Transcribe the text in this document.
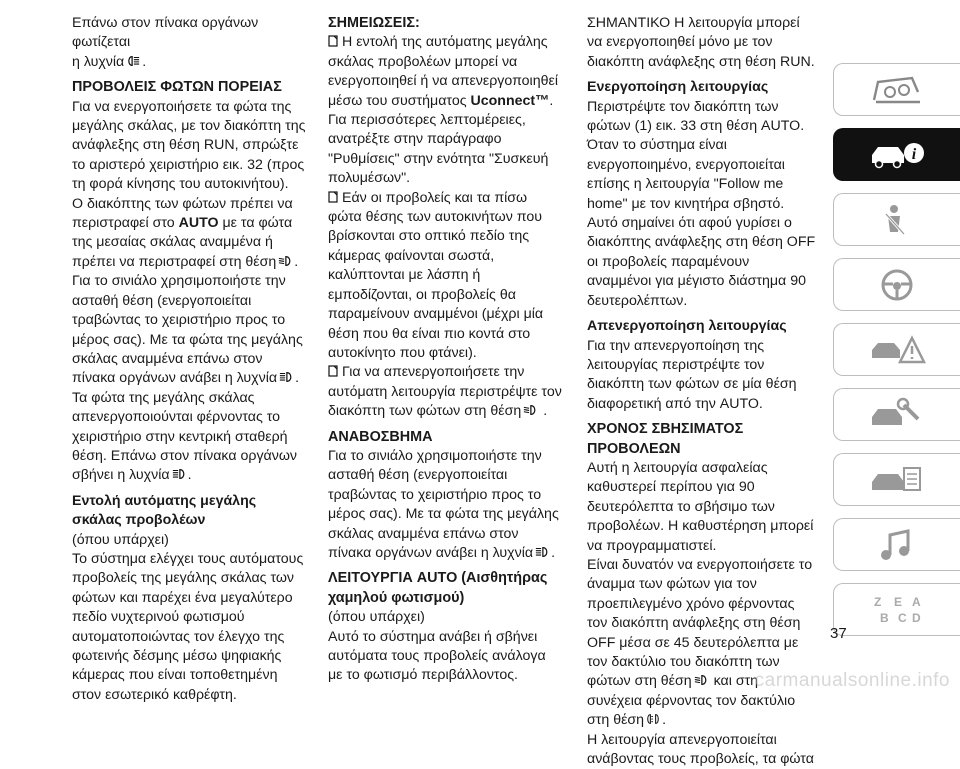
Επάνω στον πίνακα οργάνων φωτίζεται
η λυχνία .

ΠΡΟΒΟΛΕΙΣ ΦΩΤΩΝ ΠΟΡΕΙΑΣ

Για να ενεργοποιήσετε τα φώτα της μεγάλης σκάλας, με τον διακόπτη της ανάφλεξης στη θέση RUN, σπρώξτε το αριστερό χειριστήριο εικ. 32 (προς τη φορά κίνησης του αυτοκινήτου).

Ο διακόπτης των φώτων πρέπει να περιστραφεί στο AUTO με τα φώτα της μεσαίας σκάλας αναμμένα ή πρέπει να περιστραφεί στη θέση .

Για το σινιάλο χρησιμοποιήστε την ασταθή θέση (ενεργοποιείται τραβώντας το χειριστήριο προς το μέρος σας). Με τα φώτα της μεγάλης σκάλας αναμμένα επάνω στον πίνακα οργάνων ανάβει η λυχνία .

Τα φώτα της μεγάλης σκάλας απενεργοποιούνται φέρνοντας το χειριστήριο στην κεντρική σταθερή θέση. Επάνω στον πίνακα οργάνων σβήνει η λυχνία .

Εντολή αυτόματης μεγάλης σκάλας προβολέων

(όπου υπάρχει)

Το σύστημα ελέγχει τους αυτόματους προβολείς της μεγάλης σκάλας των φώτων και παρέχει ένα μεγαλύτερο πεδίο νυχτερινού φωτισμού αυτοματοποιώντας τον έλεγχο της φωτεινής δέσμης μέσω ψηφιακής κάμερας που είναι τοποθετημένη στον εσωτερικό καθρέφτη.

ΣΗΜΕΙΩΣΕΙΣ:

Η εντολή της αυτόματης μεγάλης σκάλας προβολέων μπορεί να ενεργοποιηθεί ή να απενεργοποιηθεί μέσω του συστήματος Uconnect™. Για περισσότερες λεπτομέρειες, ανατρέξτε στην παράγραφο "Ρυθμίσεις" στην ενότητα "Συσκευή πολυμέσων".

Εάν οι προβολείς και τα πίσω φώτα θέσης των αυτοκινήτων που βρίσκονται στο οπτικό πεδίο της κάμερας φαίνονται σωστά, καλύπτονται με λάσπη ή εμποδίζονται, οι προβολείς θα παραμείνουν αναμμένοι (μέχρι μία θέση που θα είναι πιο κοντά στο αυτοκίνητο που φτάνει).

Για να απενεργοποιήσετε την αυτόματη λειτουργία περιστρέψτε τον διακόπτη των φώτων στη θέση .

ΑΝΑΒΟΣΒΗΜΑ

Για το σινιάλο χρησιμοποιήστε την ασταθή θέση (ενεργοποιείται τραβώντας το χειριστήριο προς το μέρος σας). Με τα φώτα της μεγάλης σκάλας αναμμένα επάνω στον πίνακα οργάνων ανάβει η λυχνία .

ΛΕΙΤΟΥΡΓΙΑ AUTO (Αισθητήρας χαμηλού φωτισμού)

(όπου υπάρχει)

Αυτό το σύστημα ανάβει ή σβήνει αυτόματα τους προβολείς ανάλογα με το φωτισμό περιβάλλοντος.

ΣΗΜΑΝΤΙΚΟ Η λειτουργία μπορεί να ενεργοποιηθεί μόνο με τον διακόπτη ανάφλεξης στη θέση RUN.

Ενεργοποίηση λειτουργίας

Περιστρέψτε τον διακόπτη των φώτων (1) εικ. 33 στη θέση AUTO.

Όταν το σύστημα είναι ενεργοποιημένο, ενεργοποιείται επίσης η λειτουργία "Follow me home" με τον κινητήρα σβηστό. Αυτό σημαίνει ότι αφού γυρίσει ο διακόπτης ανάφλεξης στη θέση OFF οι προβολείς παραμένουν αναμμένοι για μέγιστο διάστημα 90 δευτερολέπτων.

Απενεργοποίηση λειτουργίας

Για την απενεργοποίηση της λειτουργίας περιστρέψτε τον διακόπτη των φώτων σε μία θέση διαφορετική από την AUTO.

ΧΡΟΝΟΣ ΣΒΗΣΙΜΑΤΟΣ ΠΡΟΒΟΛΕΩΝ

Αυτή η λειτουργία ασφαλείας καθυστερεί περίπου για 90 δευτερόλεπτα το σβήσιμο των προβολέων. Η καθυστέρηση μπορεί να προγραμματιστεί.

Είναι δυνατόν να ενεργοποιήσετε το άναμμα των φώτων για τον προεπιλεγμένο χρόνο φέρνοντας τον διακόπτη ανάφλεξης στη θέση OFF μέσα σε 45 δευτερόλεπτα με τον δακτύλιο του διακόπτη των φώτων στη θέση και στη συνέχεια φέρνοντας τον δακτύλιο στη θέση .

Η λειτουργία απενεργοποιείται ανάβοντας τους προβολείς, τα φώτα

i
Z E A
B C D
37
carmanualsonline.info
